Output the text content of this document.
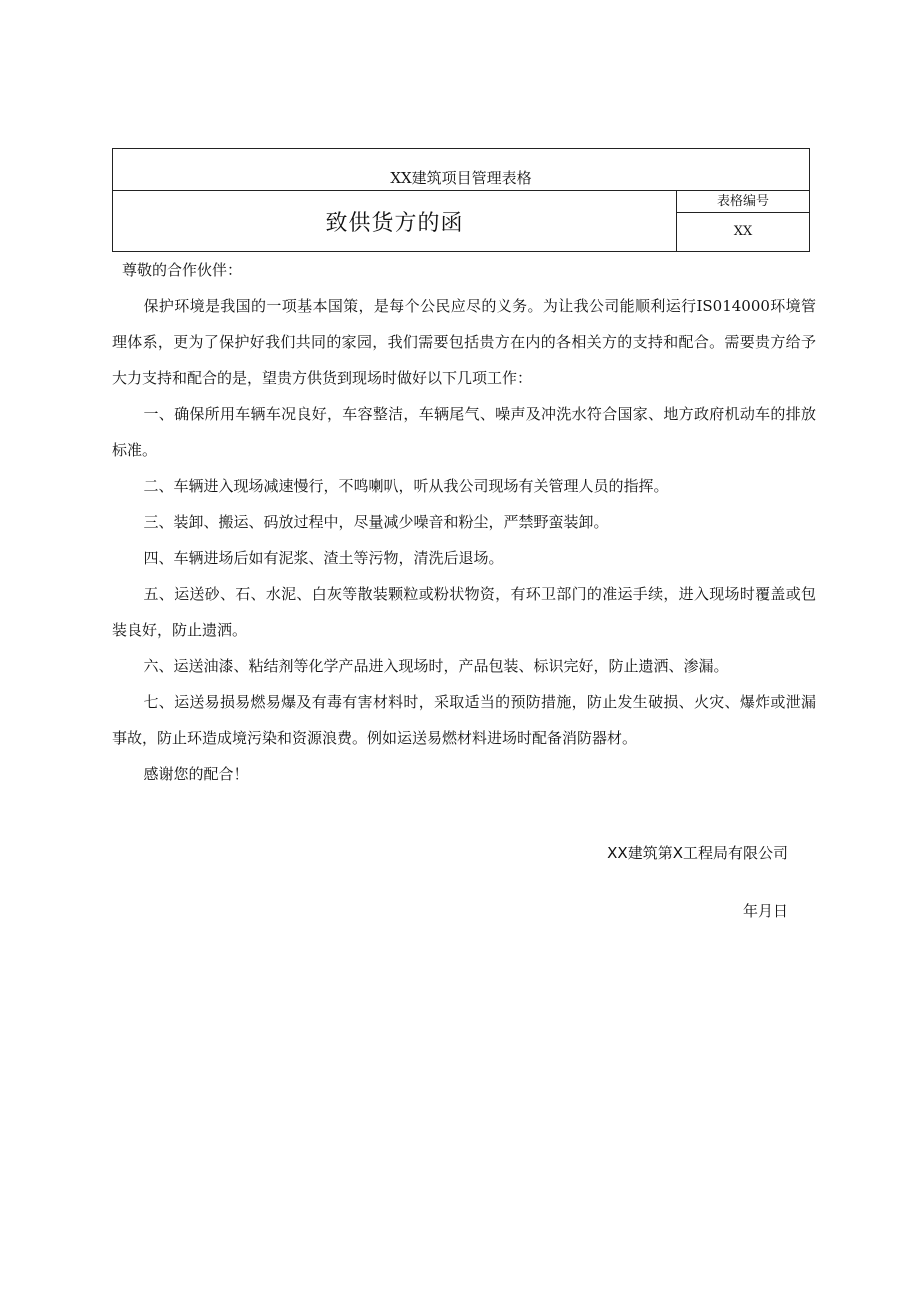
XX建筑项目管理表格
致供货方的函
表格编号
XX

尊敬的合作伙伴：

保护环境是我国的一项基本国策，是每个公民应尽的义务。为让我公司能顺利运行IS014000环境管理体系，更为了保护好我们共同的家园，我们需要包括贵方在内的各相关方的支持和配合。需要贵方给予大力支持和配合的是，望贵方供货到现场时做好以下几项工作：

一、确保所用车辆车况良好，车容整洁，车辆尾气、噪声及冲洗水符合国家、地方政府机动车的排放标准。

二、车辆进入现场减速慢行，不鸣喇叭，听从我公司现场有关管理人员的指挥。

三、装卸、搬运、码放过程中，尽量减少噪音和粉尘，严禁野蛮装卸。

四、车辆进场后如有泥浆、渣土等污物，清洗后退场。

五、运送砂、石、水泥、白灰等散装颗粒或粉状物资，有环卫部门的准运手续，进入现场时覆盖或包装良好，防止遗洒。

六、运送油漆、粘结剂等化学产品进入现场时，产品包装、标识完好，防止遗洒、渗漏。

七、运送易损易燃易爆及有毒有害材料时，采取适当的预防措施，防止发生破损、火灾、爆炸或泄漏事故，防止环造成境污染和资源浪费。例如运送易燃材料进场时配备消防器材。

感谢您的配合！

XX建筑第X工程局有限公司
年月日
